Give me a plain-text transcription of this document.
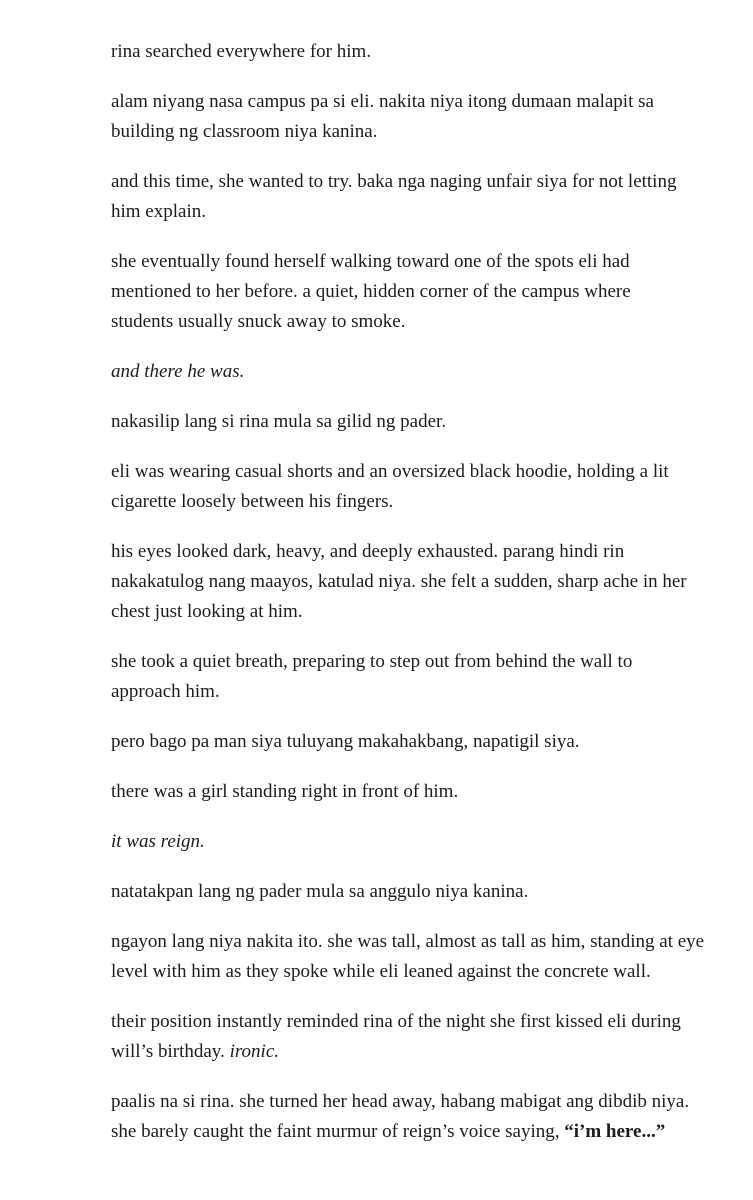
rina searched everywhere for him.

alam niyang nasa campus pa si eli. nakita niya itong dumaan malapit sa
building ng classroom niya kanina.

and this time, she wanted to try. baka nga naging unfair siya for not letting
him explain.

she eventually found herself walking toward one of the spots eli had
mentioned to her before. a quiet, hidden corner of the campus where
students usually snuck away to smoke.

and there he was.

nakasilip lang si rina mula sa gilid ng pader.

eli was wearing casual shorts and an oversized black hoodie, holding a lit
cigarette loosely between his fingers.

his eyes looked dark, heavy, and deeply exhausted. parang hindi rin
nakakatulog nang maayos, katulad niya. she felt a sudden, sharp ache in her
chest just looking at him.

she took a quiet breath, preparing to step out from behind the wall to
approach him.

pero bago pa man siya tuluyang makahakbang, napatigil siya.

there was a girl standing right in front of him.

it was reign.

natatakpan lang ng pader mula sa anggulo niya kanina.

ngayon lang niya nakita ito. she was tall, almost as tall as him, standing at eye
level with him as they spoke while eli leaned against the concrete wall.

their position instantly reminded rina of the night she first kissed eli during
will’s birthday. ironic.

paalis na si rina. she turned her head away, habang mabigat ang dibdib niya.
she barely caught the faint murmur of reign’s voice saying, “i’m here...”
